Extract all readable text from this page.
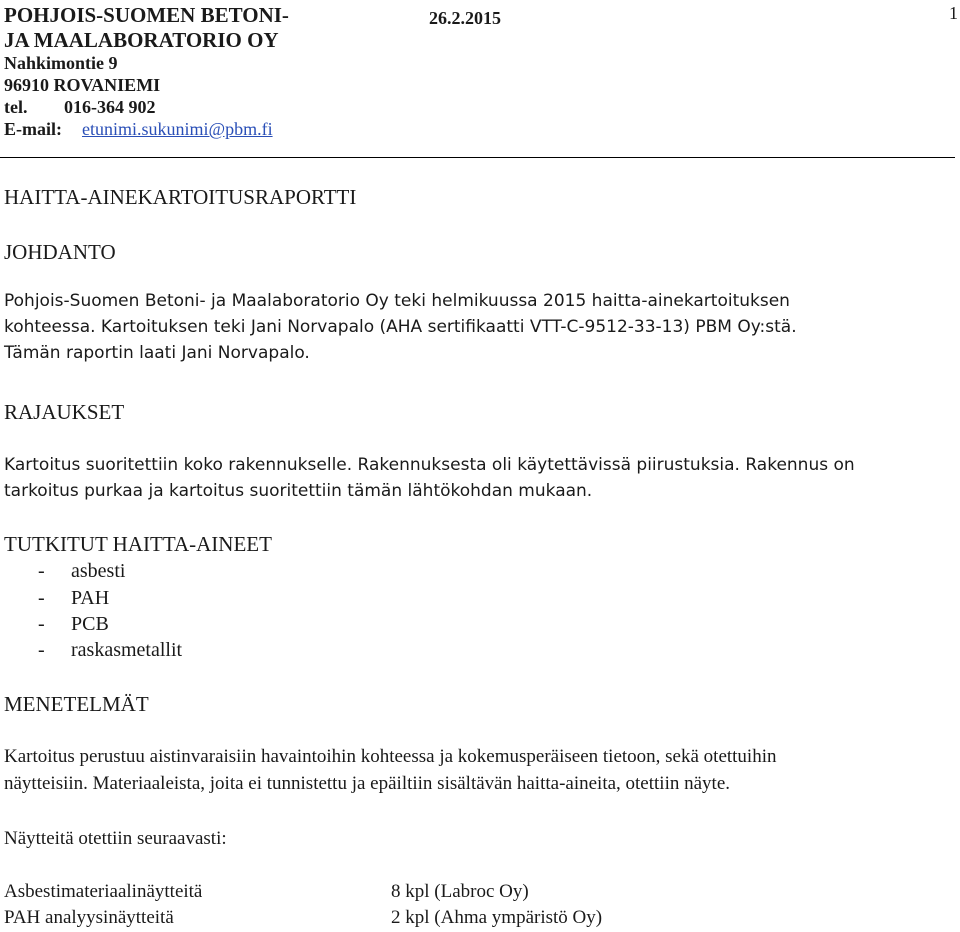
POHJOIS-SUOMEN BETONI-
JA MAALABORATORIO OY
26.2.2015	1
Nahkimontie 9
96910 ROVANIEMI
tel. 016-364 902
E-mail: etunimi.sukunimi@pbm.fi
HAITTA-AINEKARTOITUSRAPORTTI
JOHDANTO
Pohjois-Suomen Betoni- ja Maalaboratorio Oy teki helmikuussa 2015 haitta-ainekartoituksen
kohteessa. Kartoituksen teki Jani Norvapalo (AHA sertifikaatti VTT-C-9512-33-13) PBM Oy:stä.
Tämän raportin laati Jani Norvapalo.
RAJAUKSET
Kartoitus suoritettiin koko rakennukselle. Rakennuksesta oli käytettävissä piirustuksia. Rakennus on
tarkoitus purkaa ja kartoitus suoritettiin tämän lähtökohdan mukaan.
TUTKITUT HAITTA-AINEET
- asbesti
- PAH
- PCB
- raskasmetallit
MENETELMÄT
Kartoitus perustuu aistinvaraisiin havaintoihin kohteessa ja kokemusperäiseen tietoon, sekä otettuihin
näytteisiin. Materiaaleista, joita ei tunnistettu ja epäiltiin sisältävän haitta-aineita, otettiin näyte.
Näytteitä otettiin seuraavasti:
Asbestimateriaalinäytteitä	8 kpl (Labroc Oy)
PAH analyysinäytteitä	2 kpl (Ahma ympäristö Oy)
